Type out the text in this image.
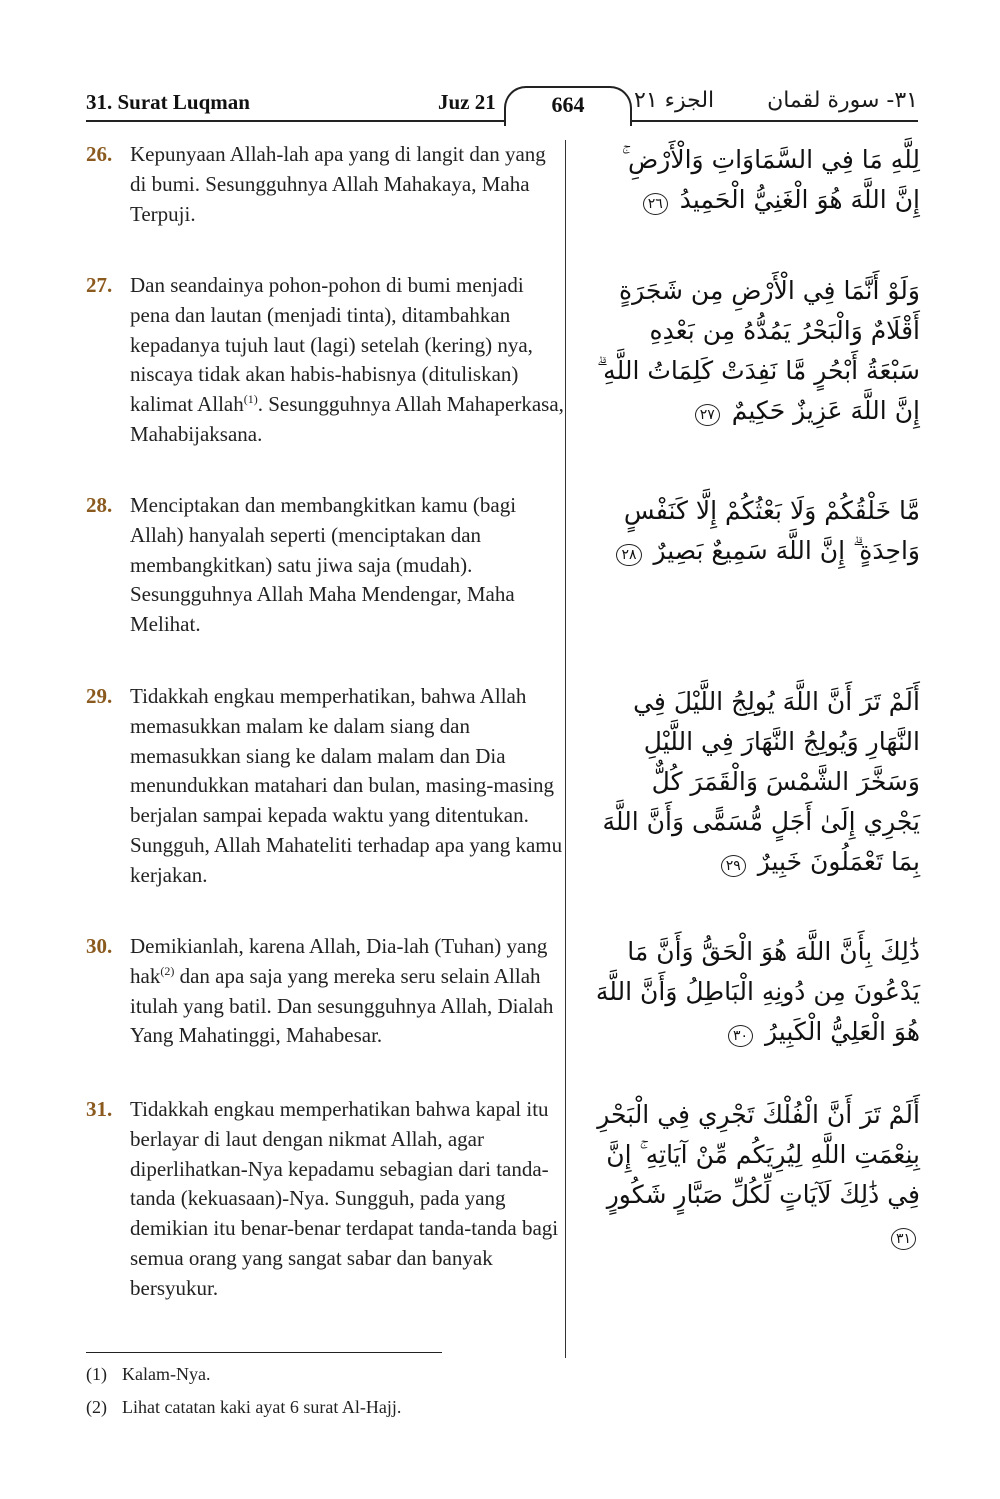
31. Surat Luqman	Juz 21	664	الجزء ٢١ ٣١- سورة لقمان
26. Kepunyaan Allah-lah apa yang di langit dan yang di bumi. Sesungguhnya Allah Mahakaya, Maha Terpuji.
لِلَّهِ مَا فِي السَّمَاوَاتِ وَالْأَرْضِ ۚ إِنَّ اللَّهَ هُوَ الْغَنِيُّ الْحَمِيدُ ٢٦
27. Dan seandainya pohon-pohon di bumi menjadi pena dan lautan (menjadi tinta), ditambahkan kepadanya tujuh laut (lagi) setelah (kering) nya, niscaya tidak akan habis-habisnya (dituliskan) kalimat Allah$^{(1)}$. Sesungguhnya Allah Mahaperkasa, Mahabijaksana.
وَلَوْ أَنَّمَا فِي الْأَرْضِ مِن شَجَرَةٍ أَقْلَامٌ وَالْبَحْرُ يَمُدُّهُ مِن بَعْدِهِ سَبْعَةُ أَبْحُرٍ مَّا نَفِدَتْ كَلِمَاتُ اللَّهِ ۗ إِنَّ اللَّهَ عَزِيزٌ حَكِيمٌ ٢٧
28. Menciptakan dan membangkitkan kamu (bagi Allah) hanyalah seperti (menciptakan dan membangkitkan) satu jiwa saja (mudah). Sesungguhnya Allah Maha Mendengar, Maha Melihat.
مَّا خَلْقُكُمْ وَلَا بَعْثُكُمْ إِلَّا كَنَفْسٍ وَاحِدَةٍ ۗ إِنَّ اللَّهَ سَمِيعٌ بَصِيرٌ ٢٨
29. Tidakkah engkau memperhatikan, bahwa Allah memasukkan malam ke dalam siang dan memasukkan siang ke dalam malam dan Dia menundukkan matahari dan bulan, masing-masing berjalan sampai kepada waktu yang ditentukan. Sungguh, Allah Mahateliti terhadap apa yang kamu kerjakan.
أَلَمْ تَرَ أَنَّ اللَّهَ يُولِجُ اللَّيْلَ فِي النَّهَارِ وَيُولِجُ النَّهَارَ فِي اللَّيْلِ وَسَخَّرَ الشَّمْسَ وَالْقَمَرَ كُلٌّ يَجْرِي إِلَىٰ أَجَلٍ مُّسَمًّى وَأَنَّ اللَّهَ بِمَا تَعْمَلُونَ خَبِيرٌ ٢٩
30. Demikianlah, karena Allah, Dia-lah (Tuhan) yang hak$^{(2)}$ dan apa saja yang mereka seru selain Allah itulah yang batil. Dan sesungguhnya Allah, Dialah Yang Mahatinggi, Mahabesar.
ذَٰلِكَ بِأَنَّ اللَّهَ هُوَ الْحَقُّ وَأَنَّ مَا يَدْعُونَ مِن دُونِهِ الْبَاطِلُ وَأَنَّ اللَّهَ هُوَ الْعَلِيُّ الْكَبِيرُ ٣٠
31. Tidakkah engkau memperhatikan bahwa kapal itu berlayar di laut dengan nikmat Allah, agar diperlihatkan-Nya kepadamu sebagian dari tanda-tanda (kekuasaan)-Nya. Sungguh, pada yang demikian itu benar-benar terdapat tanda-tanda bagi semua orang yang sangat sabar dan banyak bersyukur.
أَلَمْ تَرَ أَنَّ الْفُلْكَ تَجْرِي فِي الْبَحْرِ بِنِعْمَتِ اللَّهِ لِيُرِيَكُم مِّنْ آيَاتِهِ ۚ إِنَّ فِي ذَٰلِكَ لَآيَاتٍ لِّكُلِّ صَبَّارٍ شَكُورٍ ٣١
(1) Kalam-Nya.
(2) Lihat catatan kaki ayat 6 surat Al-Hajj.
